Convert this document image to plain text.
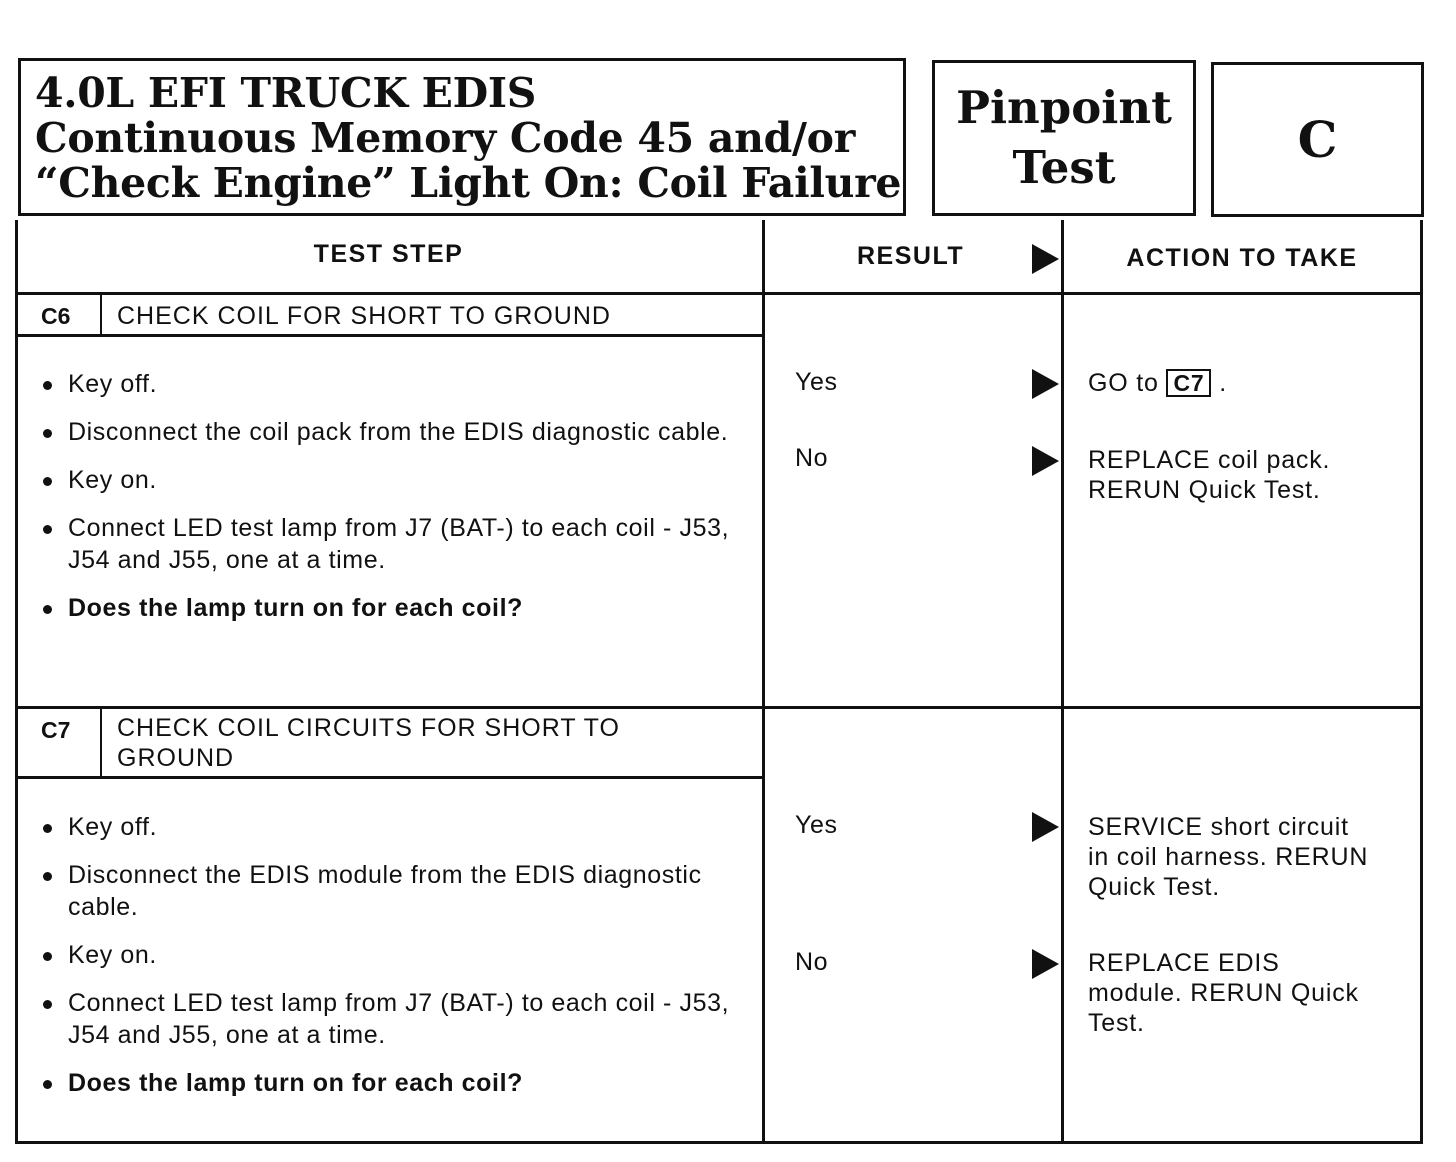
4.0L EFI TRUCK EDIS
Continuous Memory Code 45 and/or
“Check Engine” Light On: Coil Failure
Pinpoint
Test	C
TEST STEP	RESULT	ACTION TO TAKE
C6 CHECK COIL FOR SHORT TO GROUND
Key off.
Disconnect the coil pack from the EDIS diagnostic cable.
Key on.
Connect LED test lamp from J7 (BAT-) to each coil - J53, J54 and J55, one at a time.
Does the lamp turn on for each coil?
Yes	GO to C7 .
No	REPLACE coil pack.
RERUN Quick Test.
C7 CHECK COIL CIRCUITS FOR SHORT TO
GROUND
Key off.
Disconnect the EDIS module from the EDIS diagnostic cable.
Key on.
Connect LED test lamp from J7 (BAT-) to each coil - J53, J54 and J55, one at a time.
Does the lamp turn on for each coil?
Yes	SERVICE short circuit
in coil harness. RERUN
Quick Test.
No	REPLACE EDIS
module. RERUN Quick
Test.
